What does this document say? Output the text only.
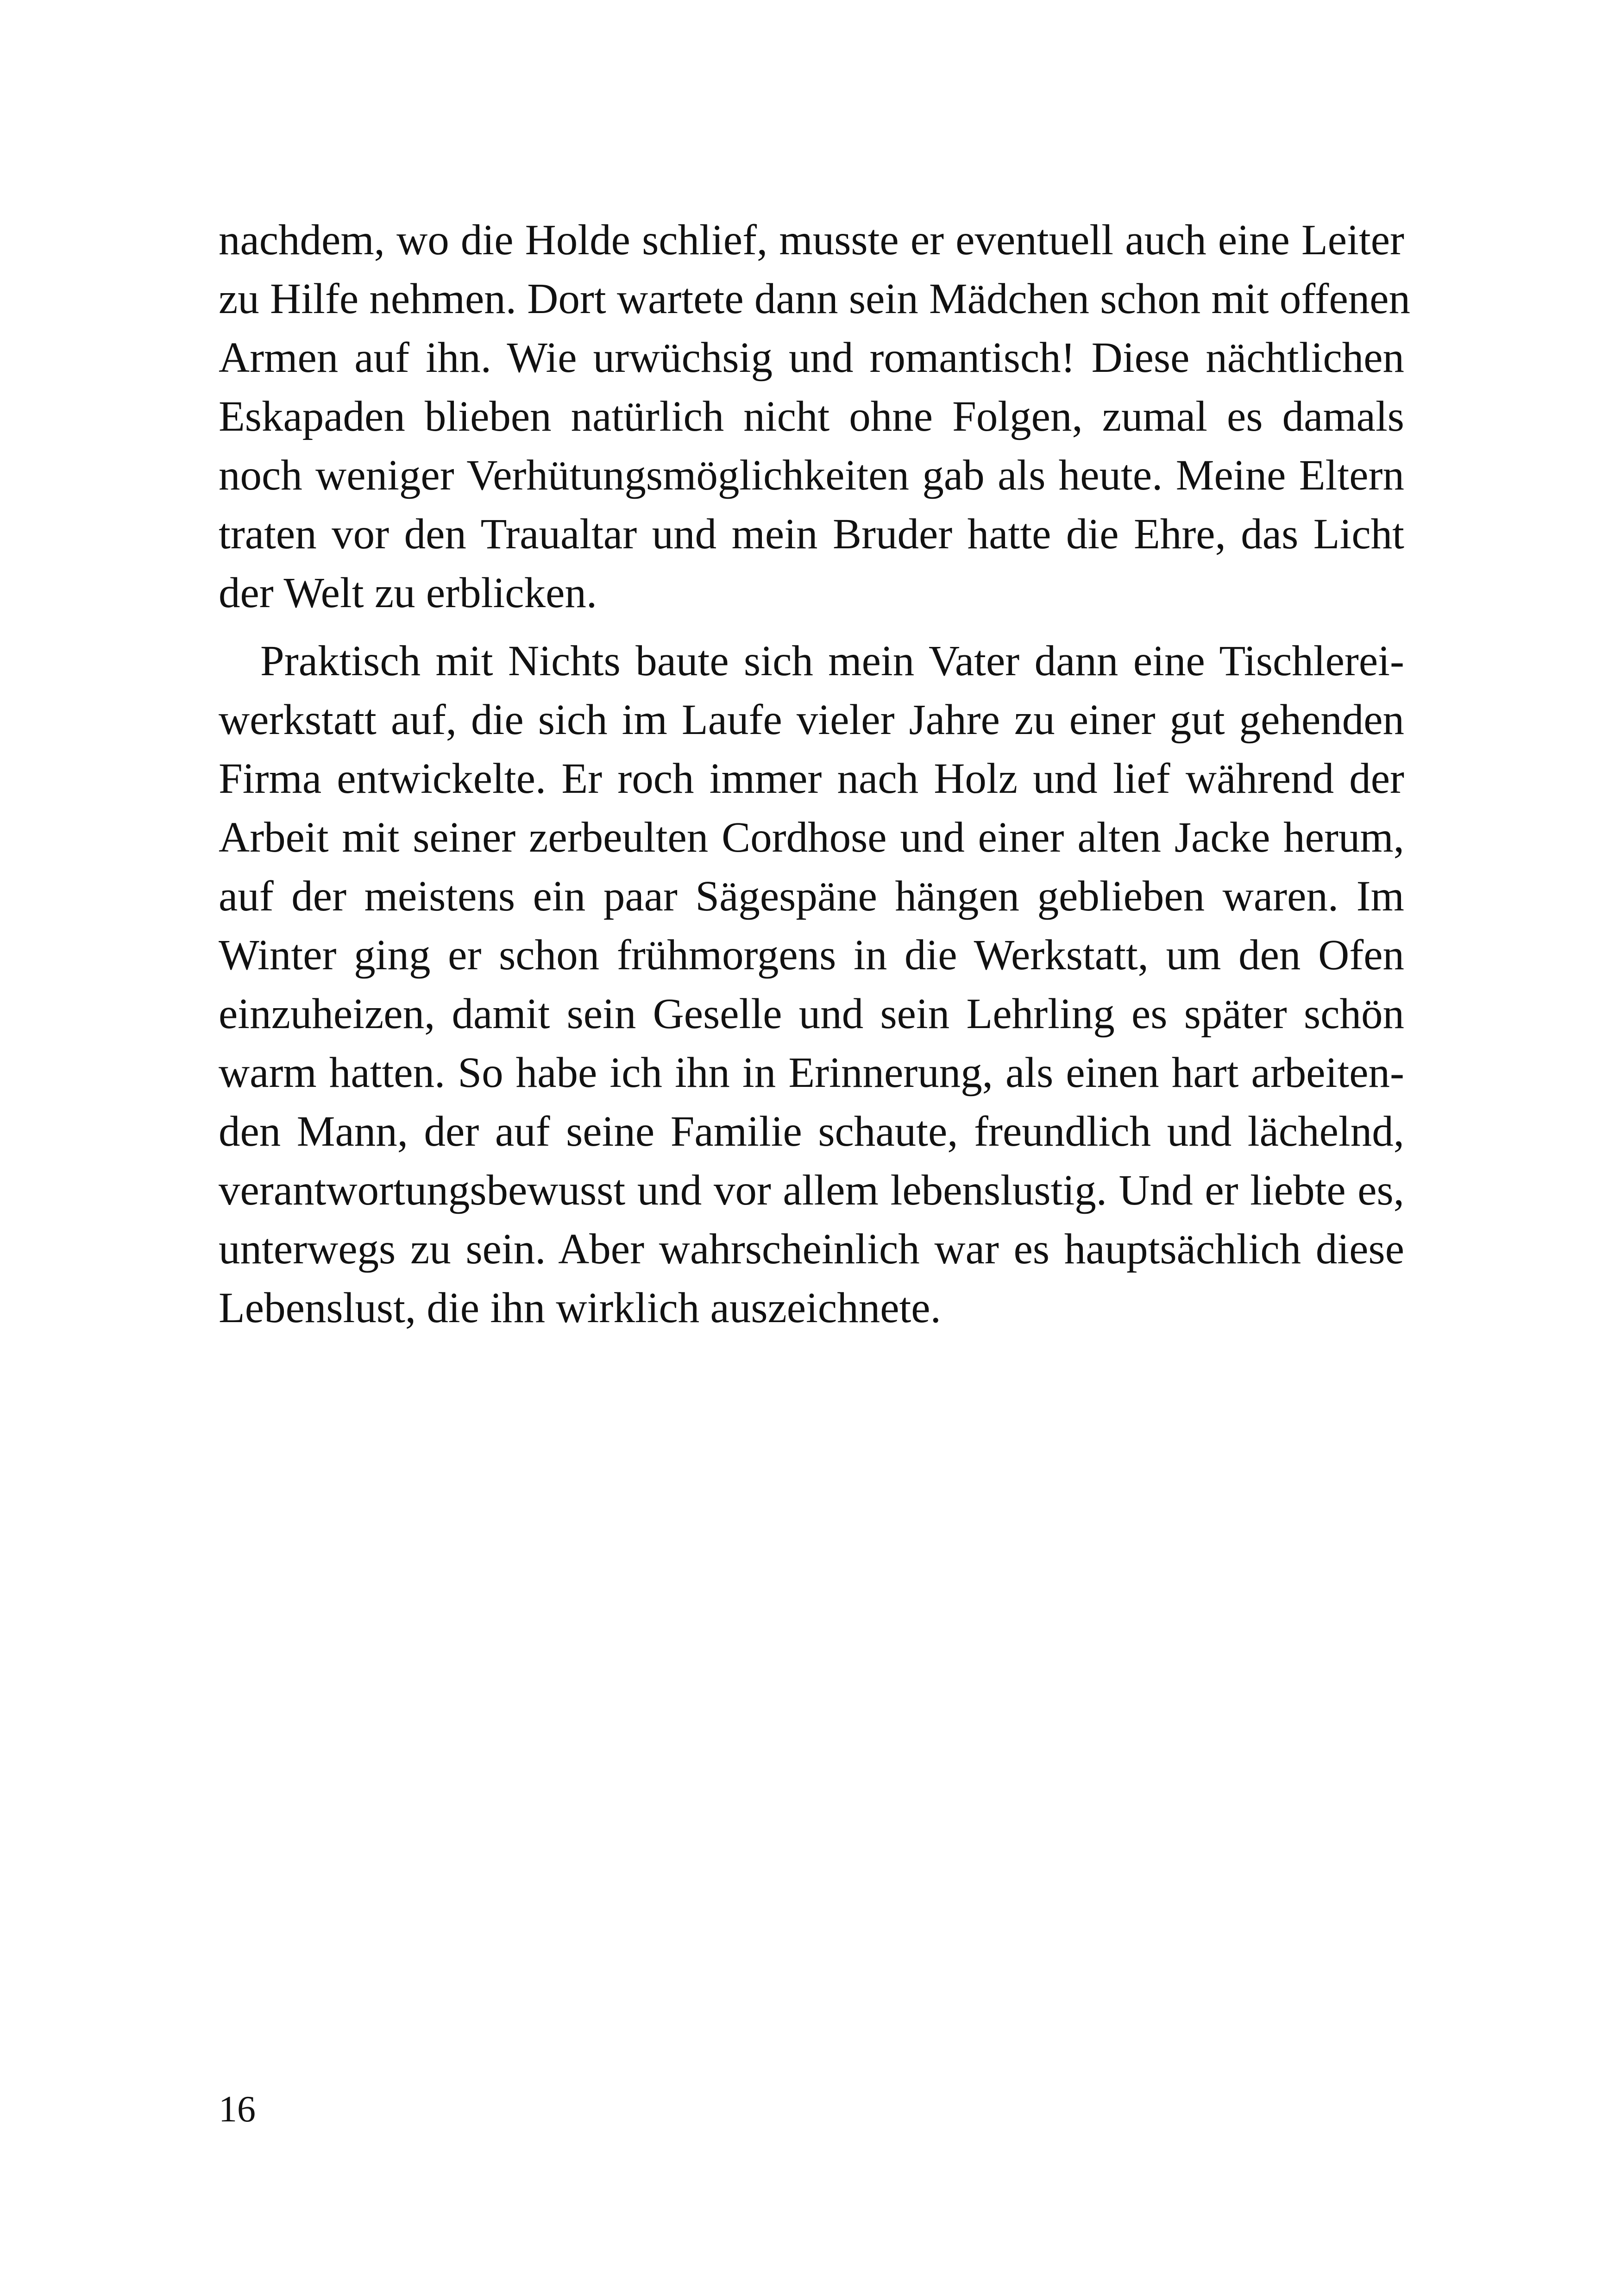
nachdem, wo die Holde schlief, musste er eventuell auch eine Leiter
zu Hilfe nehmen. Dort wartete dann sein Mädchen schon mit offenen
Armen auf ihn. Wie urwüchsig und romantisch! Diese nächtlichen
Eskapaden blieben natürlich nicht ohne Folgen, zumal es damals
noch weniger Verhütungsmöglichkeiten gab als heute. Meine Eltern
traten vor den Traualtar und mein Bruder hatte die Ehre, das Licht
der Welt zu erblicken.

Praktisch mit Nichts baute sich mein Vater dann eine Tischlerei-
werkstatt auf, die sich im Laufe vieler Jahre zu einer gut gehenden
Firma entwickelte. Er roch immer nach Holz und lief während der
Arbeit mit seiner zerbeulten Cordhose und einer alten Jacke herum,
auf der meistens ein paar Sägespäne hängen geblieben waren. Im
Winter ging er schon frühmorgens in die Werkstatt, um den Ofen
einzuheizen, damit sein Geselle und sein Lehrling es später schön
warm hatten. So habe ich ihn in Erinnerung, als einen hart arbeiten-
den Mann, der auf seine Familie schaute, freundlich und lächelnd,
verantwortungsbewusst und vor allem lebenslustig. Und er liebte es,
unterwegs zu sein. Aber wahrscheinlich war es hauptsächlich diese
Lebenslust, die ihn wirklich auszeichnete.

16
